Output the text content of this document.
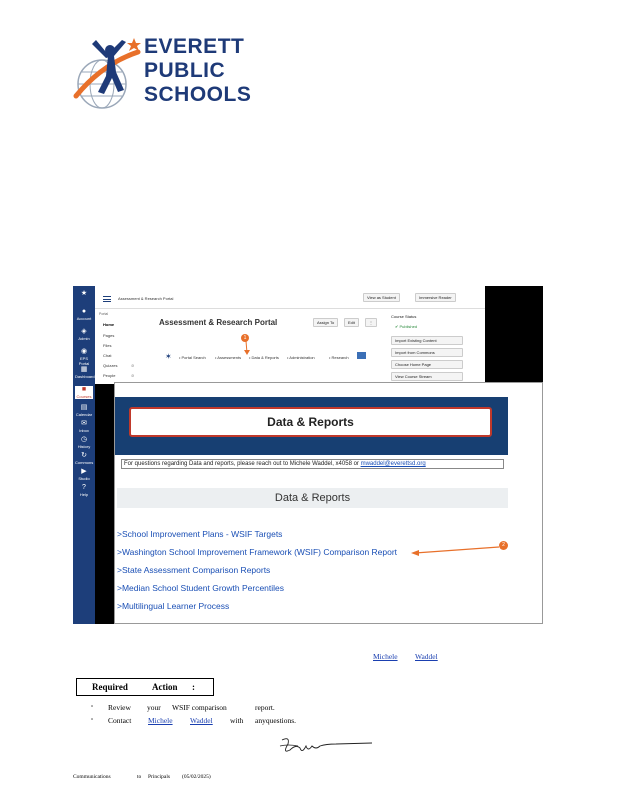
EVERETT
PUBLIC
SCHOOLS
★
●
Account
◈
Admin
◉
EPS Portal
▦
Dashboard
■
Courses
▤
Calendar
✉
Inbox
◷
History
↻
Commons
▶
Studio
?
Help
Assessment & Research Portal	View as Student	Immersive Reader
Portal
Home
Pages
Files
Chat
Quizzes
People
⊘
⊘
Assessment & Research Portal	Assign To	Edit	⋮
✶ • Portal Search • Assessments • Data & Reports • Administration	• Research
1
Course Status
✔ Published
Import Existing Content
Import from Commons
Choose Home Page
View Course Stream
Data & Reports
For questions regarding Data and reports, please reach out to Michele Waddel, x4058 or mwaddel@everettsd.org
Data & Reports
>School Improvement Plans - WSIF Targets
>Washington School Improvement Framework (WSIF) Comparison Report
>State Assessment Comparison Reports
>Median School Student Growth Percentiles
>Multilingual Learner Process
2
Michele Waddel
Required	Action :
▫ Review your WSIF comparison	report.
▫ Contact Michele Waddel with anyquestions.
Communications	to Principals (05/02/2025)
